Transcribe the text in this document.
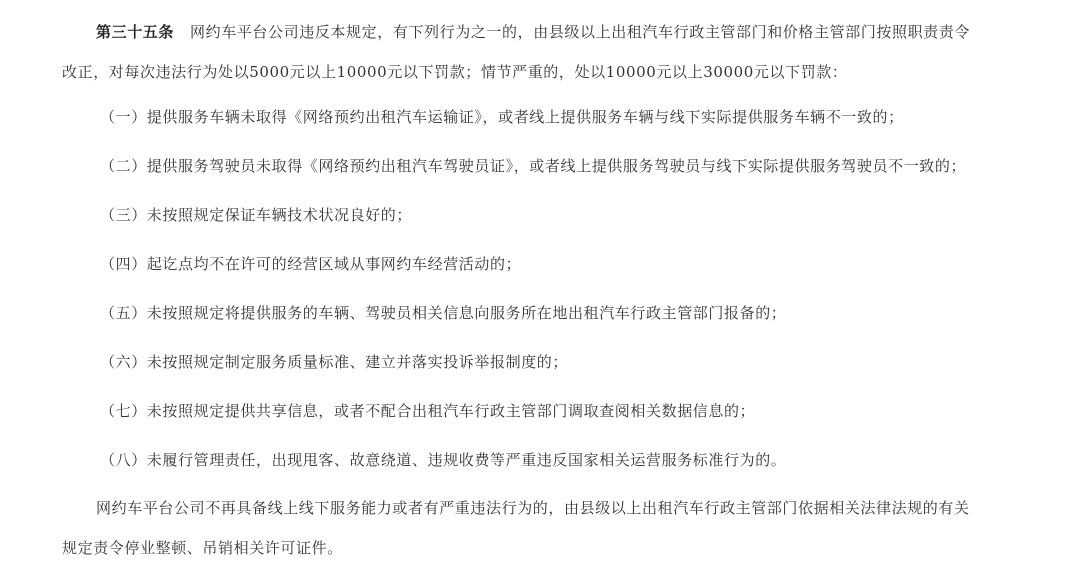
第三十五条 网约车平台公司违反本规定，有下列行为之一的，由县级以上出租汽车行政主管部门和价格主管部门按照职责责令
改正，对每次违法行为处以5000元以上10000元以下罚款；情节严重的，处以10000元以上30000元以下罚款：
（一）提供服务车辆未取得《网络预约出租汽车运输证》，或者线上提供服务车辆与线下实际提供服务车辆不一致的；
（二）提供服务驾驶员未取得《网络预约出租汽车驾驶员证》，或者线上提供服务驾驶员与线下实际提供服务驾驶员不一致的；
（三）未按照规定保证车辆技术状况良好的；
（四）起讫点均不在许可的经营区域从事网约车经营活动的；
（五）未按照规定将提供服务的车辆、驾驶员相关信息向服务所在地出租汽车行政主管部门报备的；
（六）未按照规定制定服务质量标准、建立并落实投诉举报制度的；
（七）未按照规定提供共享信息，或者不配合出租汽车行政主管部门调取查阅相关数据信息的；
（八）未履行管理责任，出现甩客、故意绕道、违规收费等严重违反国家相关运营服务标准行为的。
网约车平台公司不再具备线上线下服务能力或者有严重违法行为的，由县级以上出租汽车行政主管部门依据相关法律法规的有关
规定责令停业整顿、吊销相关许可证件。
